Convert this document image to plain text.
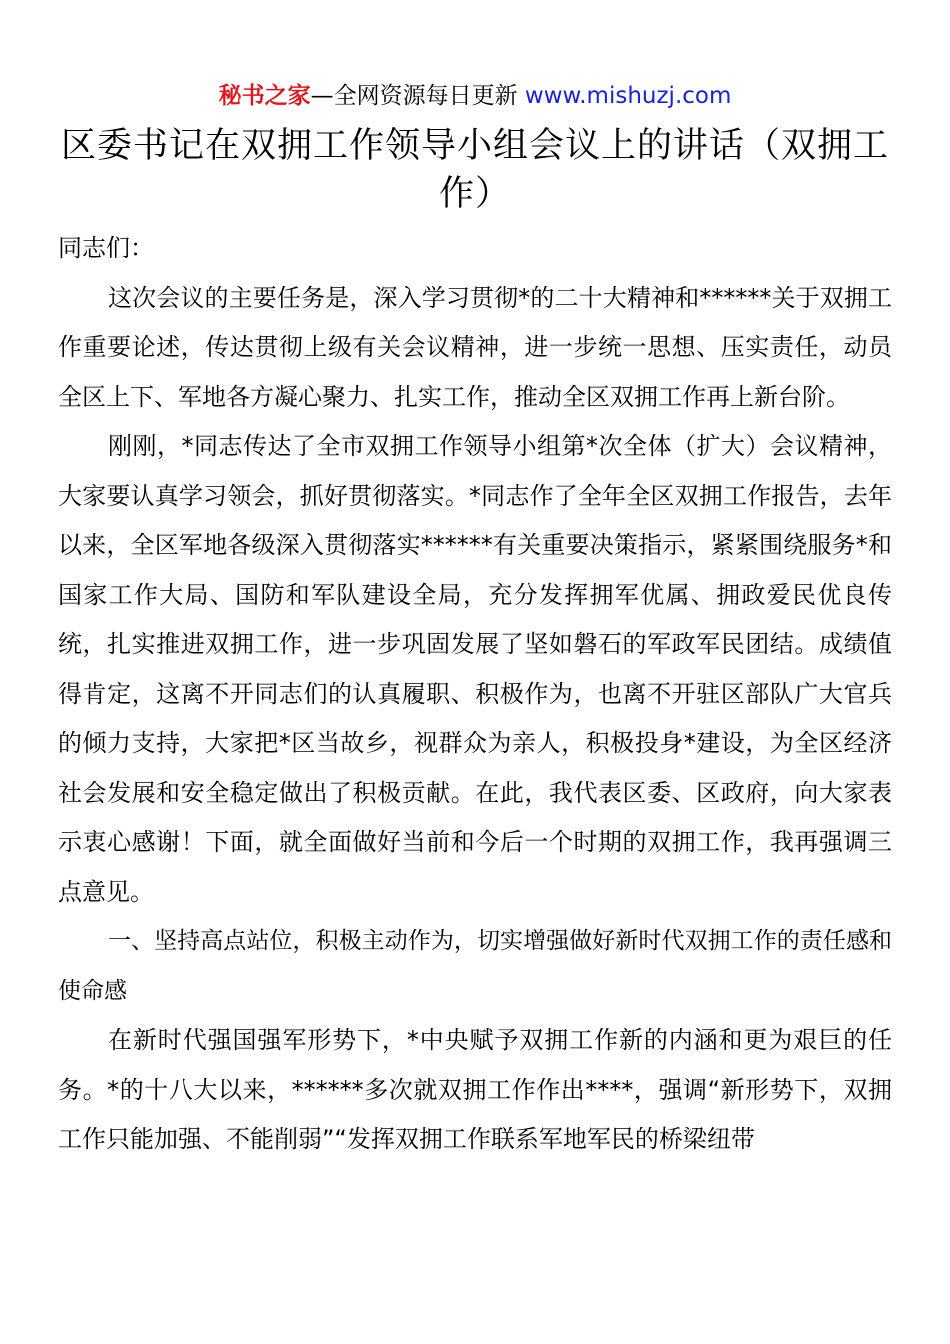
秘书之家—全网资源每日更新 www.mishuzj.com
区委书记在双拥工作领导小组会议上的讲话（双拥工
作）

同志们：

这次会议的主要任务是，深入学习贯彻*的二十大精神和******关于双拥工作重要论述，传达贯彻上级有关会议精神，进一步统一思想、压实责任，动员全区上下、军地各方凝心聚力、扎实工作，推动全区双拥工作再上新台阶。

刚刚，*同志传达了全市双拥工作领导小组第*次全体（扩大）会议精神，大家要认真学习领会，抓好贯彻落实。*同志作了全年全区双拥工作报告，去年以来，全区军地各级深入贯彻落实******有关重要决策指示，紧紧围绕服务*和国家工作大局、国防和军队建设全局，充分发挥拥军优属、拥政爱民优良传统，扎实推进双拥工作，进一步巩固发展了坚如磐石的军政军民团结。成绩值得肯定，这离不开同志们的认真履职、积极作为，也离不开驻区部队广大官兵的倾力支持，大家把*区当故乡，视群众为亲人，积极投身*建设，为全区经济社会发展和安全稳定做出了积极贡献。在此，我代表区委、区政府，向大家表示衷心感谢！下面，就全面做好当前和今后一个时期的双拥工作，我再强调三点意见。

一、坚持高点站位，积极主动作为，切实增强做好新时代双拥工作的责任感和使命感

在新时代强国强军形势下，*中央赋予双拥工作新的内涵和更为艰巨的任务。*的十八大以来，******多次就双拥工作作出****，强调“新形势下，双拥工作只能加强、不能削弱”“发挥双拥工作联系军地军民的桥梁纽带
